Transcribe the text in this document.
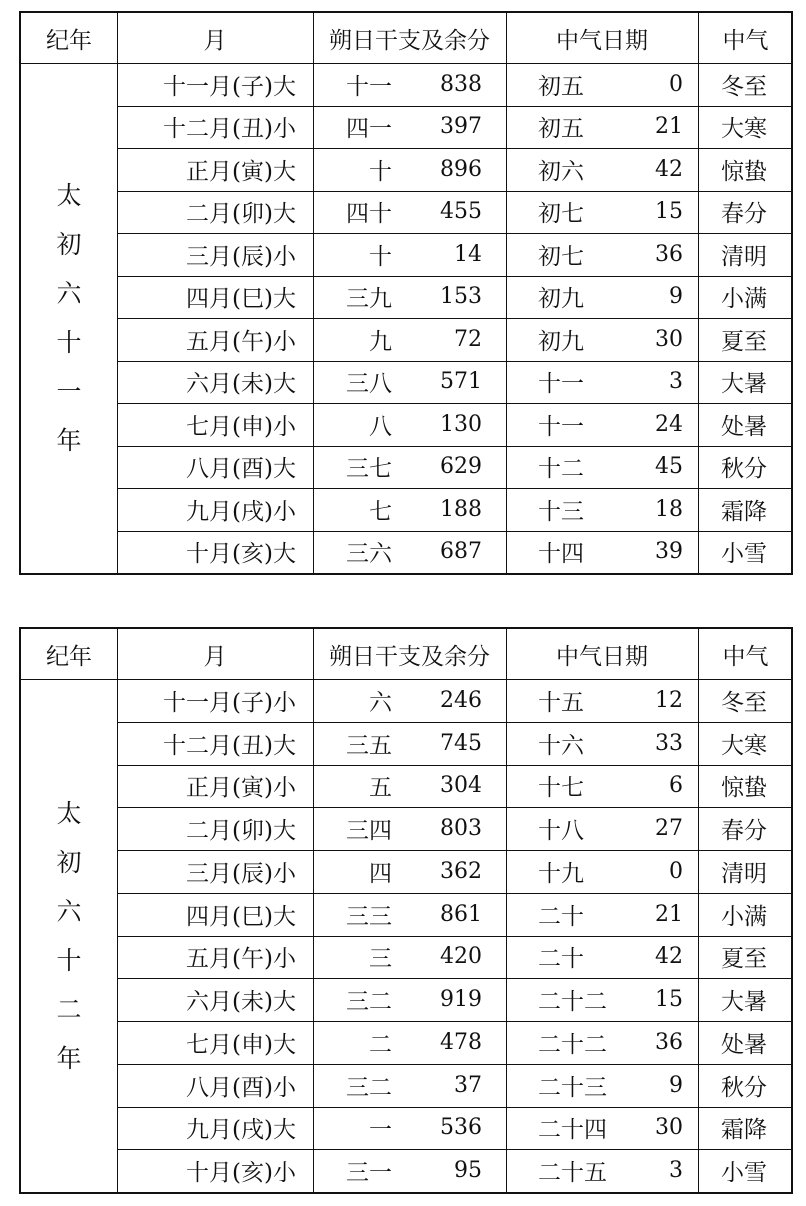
纪年	月	朔日干支及余分	中气日期	中气
太
初
六
十
一
年
十一月(子)大	十一	838	初五	0	冬至
十二月(丑)小	四一	397	初五	21	大寒
正月(寅)大	十	896	初六	42	惊蛰
二月(卯)大	四十	455	初七	15	春分
三月(辰)小	十	14	初七	36	清明
四月(巳)大	三九	153	初九	9	小满
五月(午)小	九	72	初九	30	夏至
六月(未)大	三八	571	十一	3	大暑
七月(申)小	八	130	十一	24	处暑
八月(酉)大	三七	629	十二	45	秋分
九月(戌)小	七	188	十三	18	霜降
十月(亥)大	三六	687	十四	39	小雪
纪年	月	朔日干支及余分	中气日期	中气
太
初
六
十
二
年
十一月(子)小	六	246	十五	12	冬至
十二月(丑)大	三五	745	十六	33	大寒
正月(寅)小	五	304	十七	6	惊蛰
二月(卯)大	三四	803	十八	27	春分
三月(辰)小	四	362	十九	0	清明
四月(巳)大	三三	861	二十	21	小满
五月(午)小	三	420	二十	42	夏至
六月(未)大	三二	919	二十二	15	大暑
七月(申)大	二	478	二十二	36	处暑
八月(酉)小	三二	37	二十三	9	秋分
九月(戌)大	一	536	二十四	30	霜降
十月(亥)小	三一	95	二十五	3	小雪
